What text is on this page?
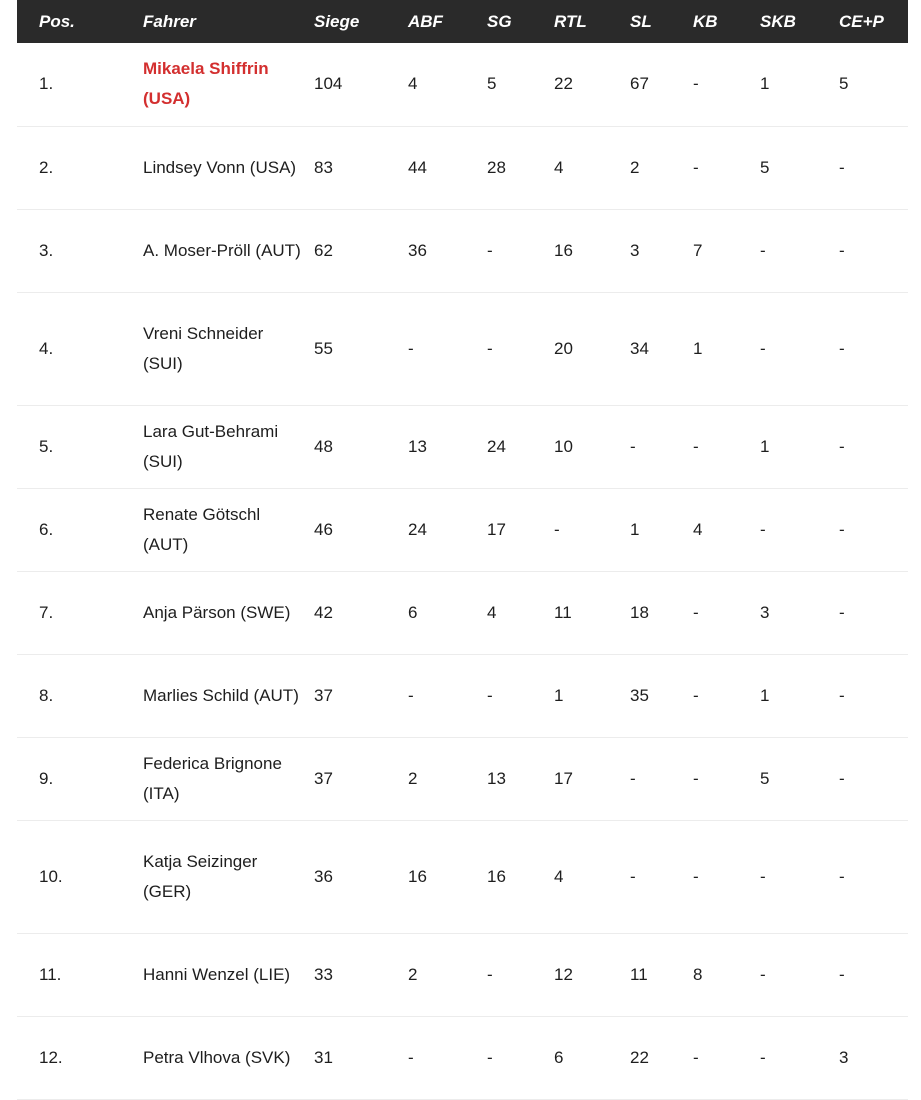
Pos.	Fahrer	Siege	ABF	SG	RTL	SL	KB	SKB	CE+P
1.	Mikaela Shiffrin (USA)	104	4	5	22	67	-	1	5
2.	Lindsey Vonn (USA)	83	44	28	4	2	-	5	-
3.	A. Moser-Pröll (AUT)	62	36	-	16	3	7	-	-
4.	Vreni Schneider (SUI)	55	-	-	20	34	1	-	-
5.	Lara Gut-Behrami (SUI)	48	13	24	10	-	-	1	-
6.	Renate Götschl (AUT)	46	24	17	-	1	4	-	-
7.	Anja Pärson (SWE)	42	6	4	11	18	-	3	-
8.	Marlies Schild (AUT)	37	-	-	1	35	-	1	-
9.	Federica Brignone (ITA)	37	2	13	17	-	-	5	-
10.	Katja Seizinger (GER)	36	16	16	4	-	-	-	-
11.	Hanni Wenzel (LIE)	33	2	-	12	11	8	-	-
12.	Petra Vlhova (SVK)	31	-	-	6	22	-	-	3
